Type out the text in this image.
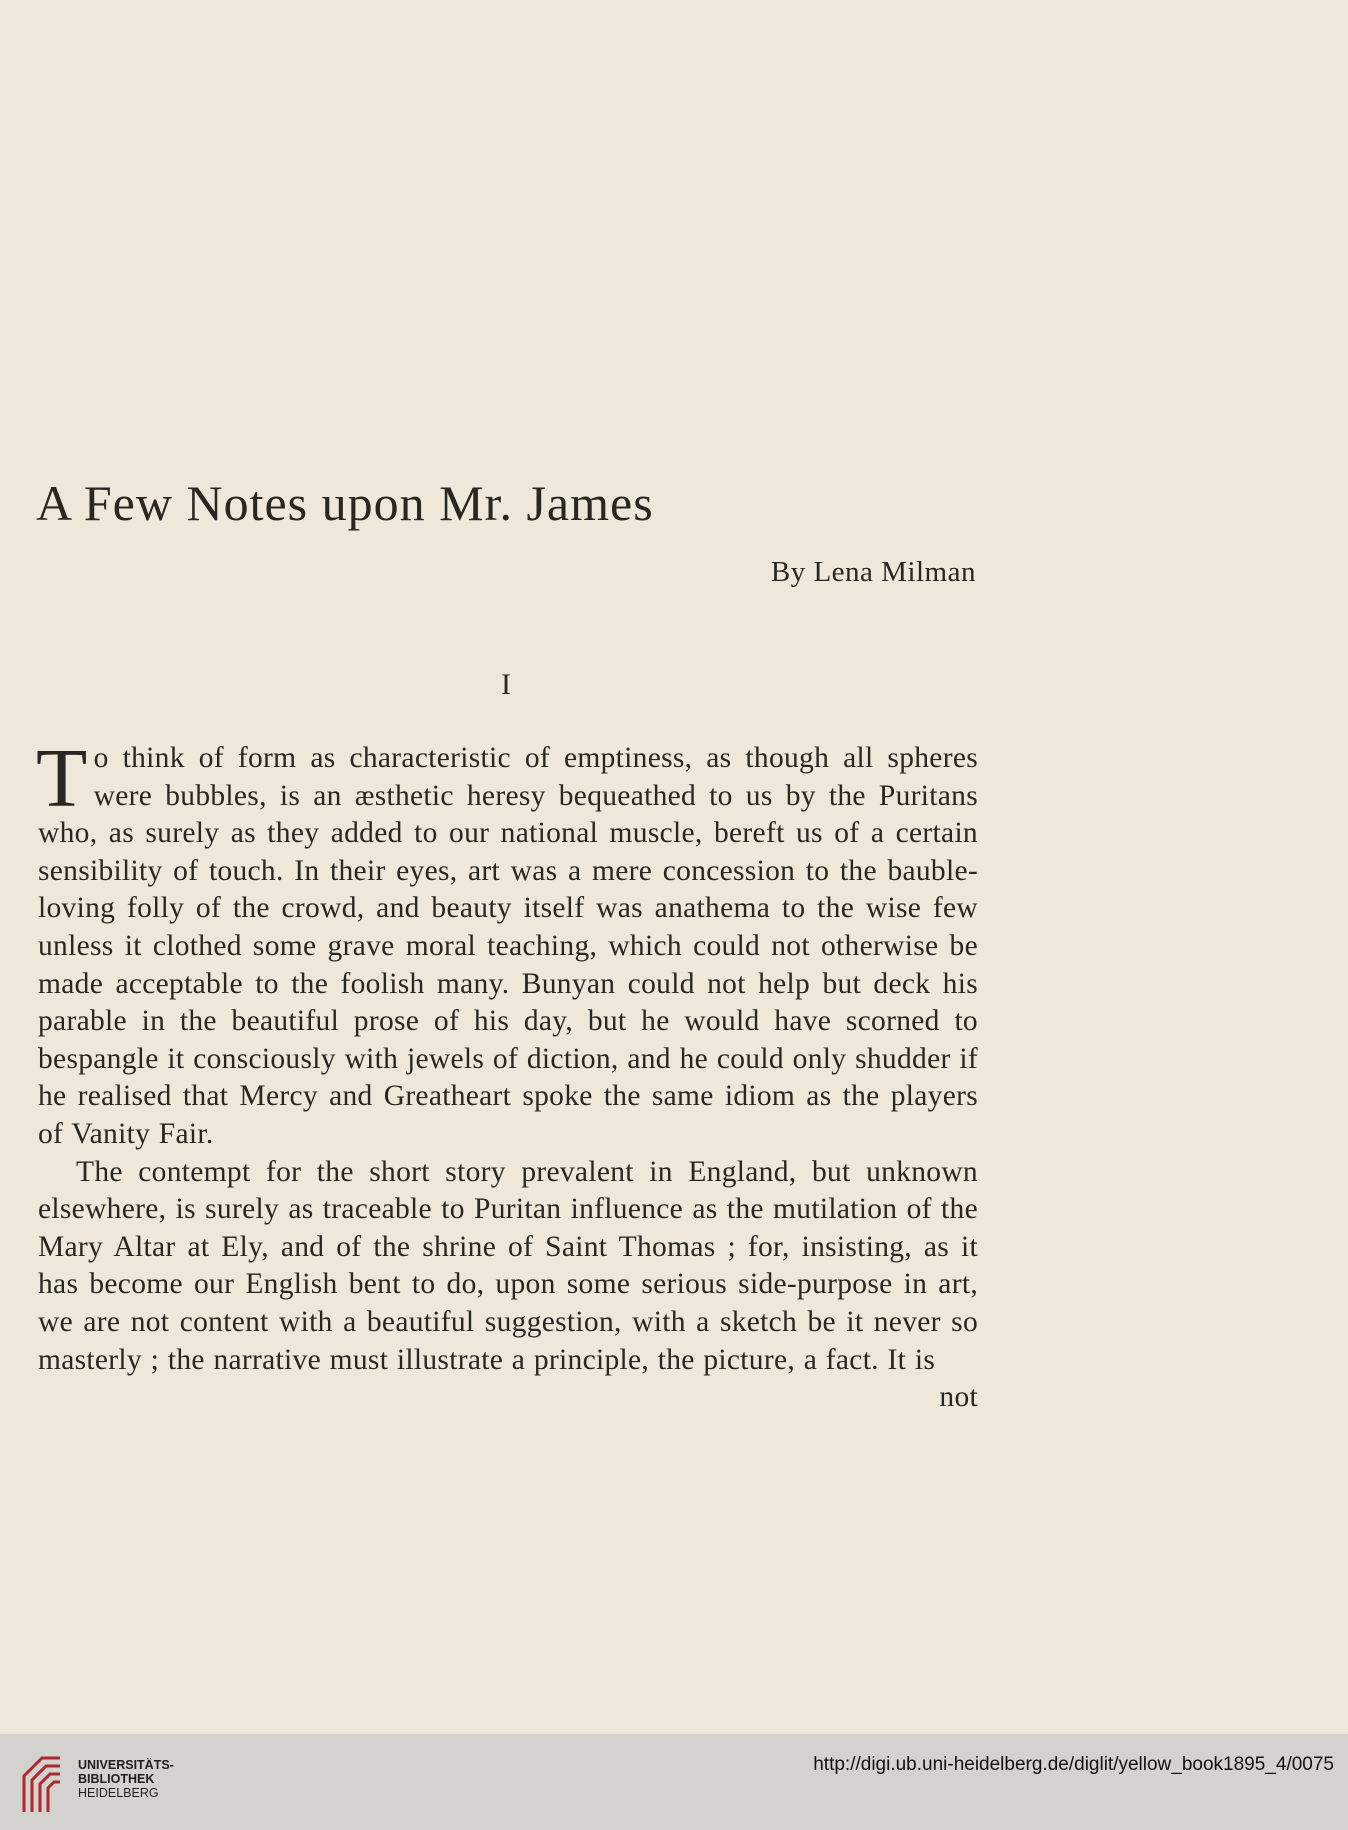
A Few Notes upon Mr. James
By Lena Milman
I

To think of form as characteristic of emptiness, as though all spheres were bubbles, is an æsthetic heresy bequeathed to us by the Puritans who, as surely as they added to our national muscle, bereft us of a certain sensibility of touch. In their eyes, art was a mere concession to the bauble-loving folly of the crowd, and beauty itself was anathema to the wise few unless it clothed some grave moral teaching, which could not otherwise be made acceptable to the foolish many. Bunyan could not help but deck his parable in the beautiful prose of his day, but he would have scorned to bespangle it consciously with jewels of diction, and he could only shudder if he realised that Mercy and Greatheart spoke the same idiom as the players of Vanity Fair.

The contempt for the short story prevalent in England, but unknown elsewhere, is surely as traceable to Puritan influence as the mutilation of the Mary Altar at Ely, and of the shrine of Saint Thomas ; for, insisting, as it has become our English bent to do, upon some serious side-purpose in art, we are not content with a beautiful suggestion, with a sketch be it never so masterly ; the narrative must illustrate a principle, the picture, a fact. It is

not
UNIVERSITÄTS-
BIBLIOTHEK
HEIDELBERG
http://digi.ub.uni-heidelberg.de/diglit/yellow_book1895_4/0075
